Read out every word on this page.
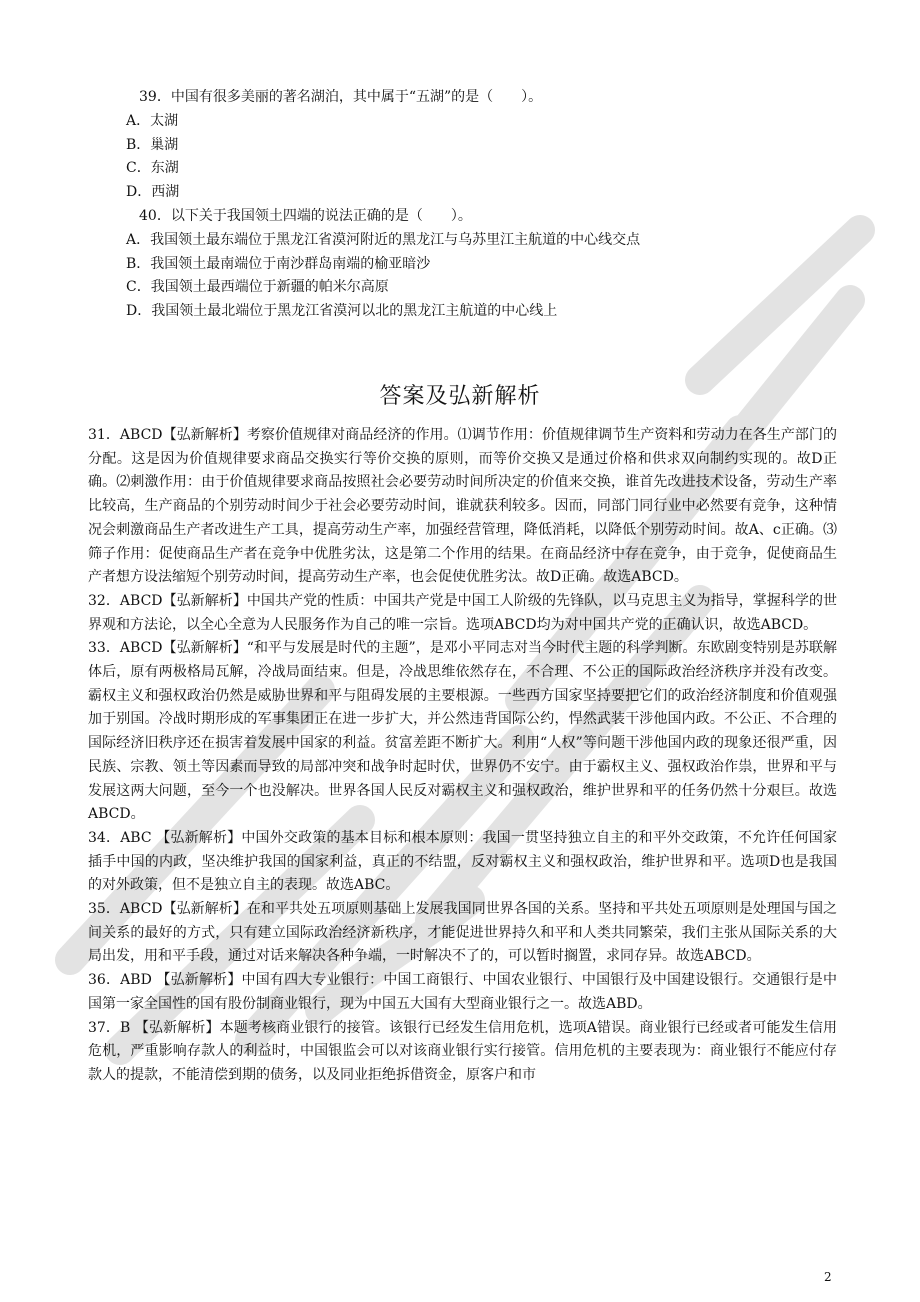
39．中国有很多美丽的著名湖泊，其中属于“五湖”的是（　　）。
A．太湖
B．巢湖
C．东湖
D．西湖
40．以下关于我国领土四端的说法正确的是（　　）。
A．我国领土最东端位于黑龙江省漠河附近的黑龙江与乌苏里江主航道的中心线交点
B．我国领土最南端位于南沙群岛南端的榆亚暗沙
C．我国领土最西端位于新疆的帕米尔高原
D．我国领土最北端位于黑龙江省漠河以北的黑龙江主航道的中心线上
答案及弘新解析
31．ABCD【弘新解析】考察价值规律对商品经济的作用。⑴调节作用：价值规律调节生产资料和劳动力在各生产部门的分配。这是因为价值规律要求商品交换实行等价交换的原则，而等价交换又是通过价格和供求双向制约实现的。故D正确。⑵刺激作用：由于价值规律要求商品按照社会必要劳动时间所决定的价值来交换，谁首先改进技术设备，劳动生产率比较高，生产商品的个别劳动时间少于社会必要劳动时间，谁就获利较多。因而，同部门同行业中必然要有竞争，这种情况会刺激商品生产者改进生产工具，提高劳动生产率，加强经营管理，降低消耗，以降低个别劳动时间。故A、c正确。⑶筛子作用：促使商品生产者在竞争中优胜劣汰，这是第二个作用的结果。在商品经济中存在竞争，由于竞争，促使商品生产者想方设法缩短个别劳动时间，提高劳动生产率，也会促使优胜劣汰。故D正确。故选ABCD。
32．ABCD【弘新解析】中国共产党的性质：中国共产党是中国工人阶级的先锋队，以马克思主义为指导，掌握科学的世界观和方法论，以全心全意为人民服务作为自己的唯一宗旨。选项ABCD均为对中国共产党的正确认识，故选ABCD。
33．ABCD【弘新解析】“和平与发展是时代的主题”，是邓小平同志对当今时代主题的科学判断。东欧剧变特别是苏联解体后，原有两极格局瓦解，冷战局面结束。但是，冷战思维依然存在，不合理、不公正的国际政治经济秩序并没有改变。霸权主义和强权政治仍然是威胁世界和平与阻碍发展的主要根源。一些西方国家坚持要把它们的政治经济制度和价值观强加于别国。冷战时期形成的军事集团正在进一步扩大，并公然违背国际公约，悍然武装干涉他国内政。不公正、不合理的国际经济旧秩序还在损害着发展中国家的利益。贫富差距不断扩大。利用“人权”等问题干涉他国内政的现象还很严重，因民族、宗教、领土等因素而导致的局部冲突和战争时起时伏，世界仍不安宁。由于霸权主义、强权政治作祟，世界和平与发展这两大问题，至今一个也没解决。世界各国人民反对霸权主义和强权政治，维护世界和平的任务仍然十分艰巨。故选ABCD。
34．ABC 【弘新解析】中国外交政策的基本目标和根本原则：我国一贯坚持独立自主的和平外交政策，不允许任何国家插手中国的内政，坚决维护我国的国家利益，真正的不结盟，反对霸权主义和强权政治，维护世界和平。选项D也是我国的对外政策，但不是独立自主的表现。故选ABC。
35．ABCD【弘新解析】在和平共处五项原则基础上发展我国同世界各国的关系。坚持和平共处五项原则是处理国与国之间关系的最好的方式，只有建立国际政治经济新秩序，才能促进世界持久和平和人类共同繁荣，我们主张从国际关系的大局出发，用和平手段，通过对话来解决各种争端，一时解决不了的，可以暂时搁置，求同存异。故选ABCD。
36．ABD 【弘新解析】中国有四大专业银行：中国工商银行、中国农业银行、中国银行及中国建设银行。交通银行是中国第一家全国性的国有股份制商业银行，现为中国五大国有大型商业银行之一。故选ABD。
37．B 【弘新解析】本题考核商业银行的接管。该银行已经发生信用危机，选项A错误。商业银行已经或者可能发生信用危机，严重影响存款人的利益时，中国银监会可以对该商业银行实行接管。信用危机的主要表现为：商业银行不能应付存款人的提款，不能清偿到期的债务，以及同业拒绝拆借资金，原客户和市
2
